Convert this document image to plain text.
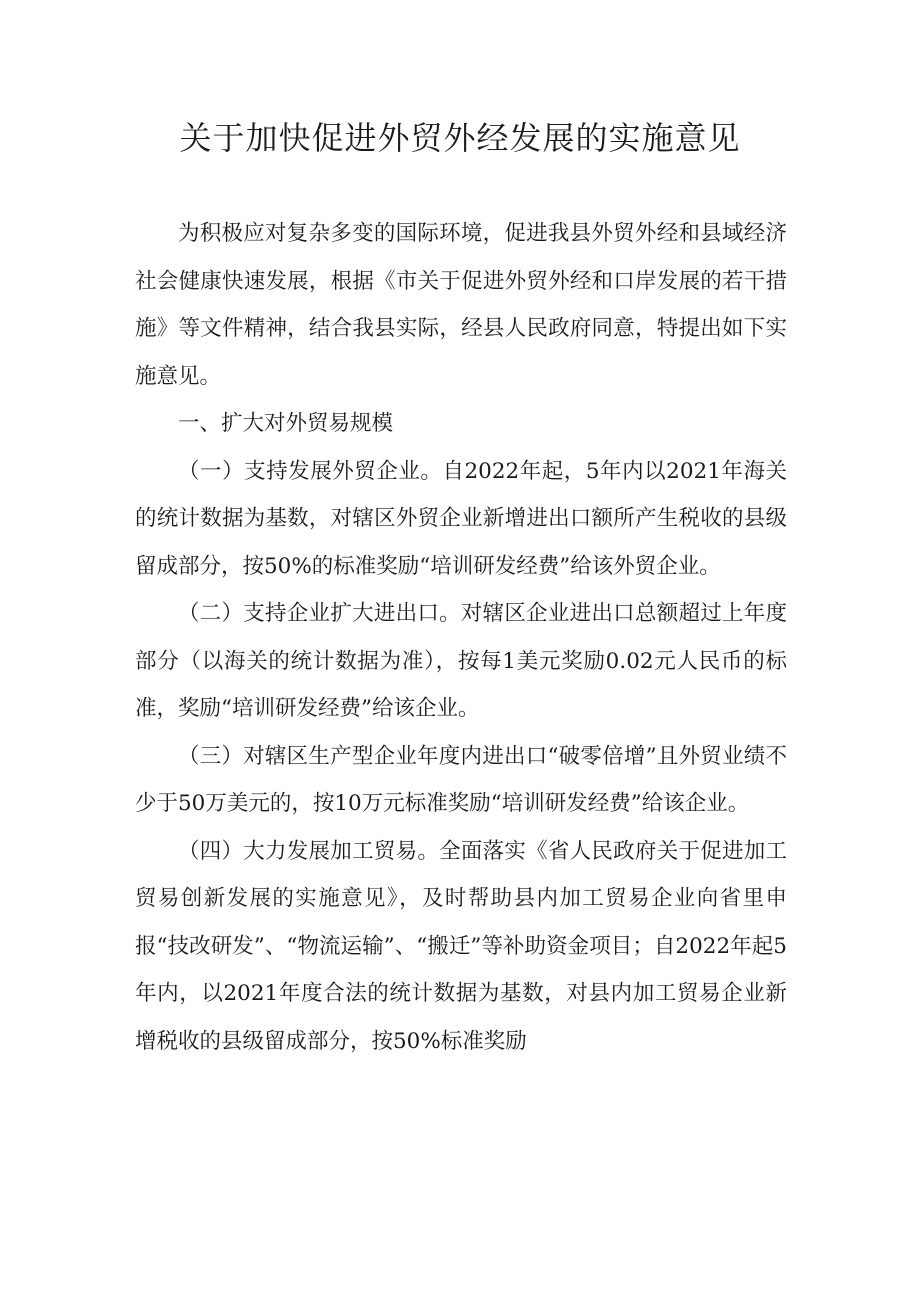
关于加快促进外贸外经发展的实施意见

为积极应对复杂多变的国际环境，促进我县外贸外经和县域经济社会健康快速发展，根据《市关于促进外贸外经和口岸发展的若干措施》等文件精神，结合我县实际，经县人民政府同意，特提出如下实施意见。

一、扩大对外贸易规模

（一）支持发展外贸企业。自2022年起，5年内以2021年海关的统计数据为基数，对辖区外贸企业新增进出口额所产生税收的县级留成部分，按50%的标准奖励“培训研发经费”给该外贸企业。

（二）支持企业扩大进出口。对辖区企业进出口总额超过上年度部分（以海关的统计数据为准），按每1美元奖励0.02元人民币的标准，奖励“培训研发经费”给该企业。

（三）对辖区生产型企业年度内进出口“破零倍增”且外贸业绩不少于50万美元的，按10万元标准奖励“培训研发经费”给该企业。

（四）大力发展加工贸易。全面落实《省人民政府关于促进加工贸易创新发展的实施意见》，及时帮助县内加工贸易企业向省里申报“技改研发”、“物流运输”、“搬迁”等补助资金项目；自2022年起5年内，以2021年度合法的统计数据为基数，对县内加工贸易企业新增税收的县级留成部分，按50%标准奖励
